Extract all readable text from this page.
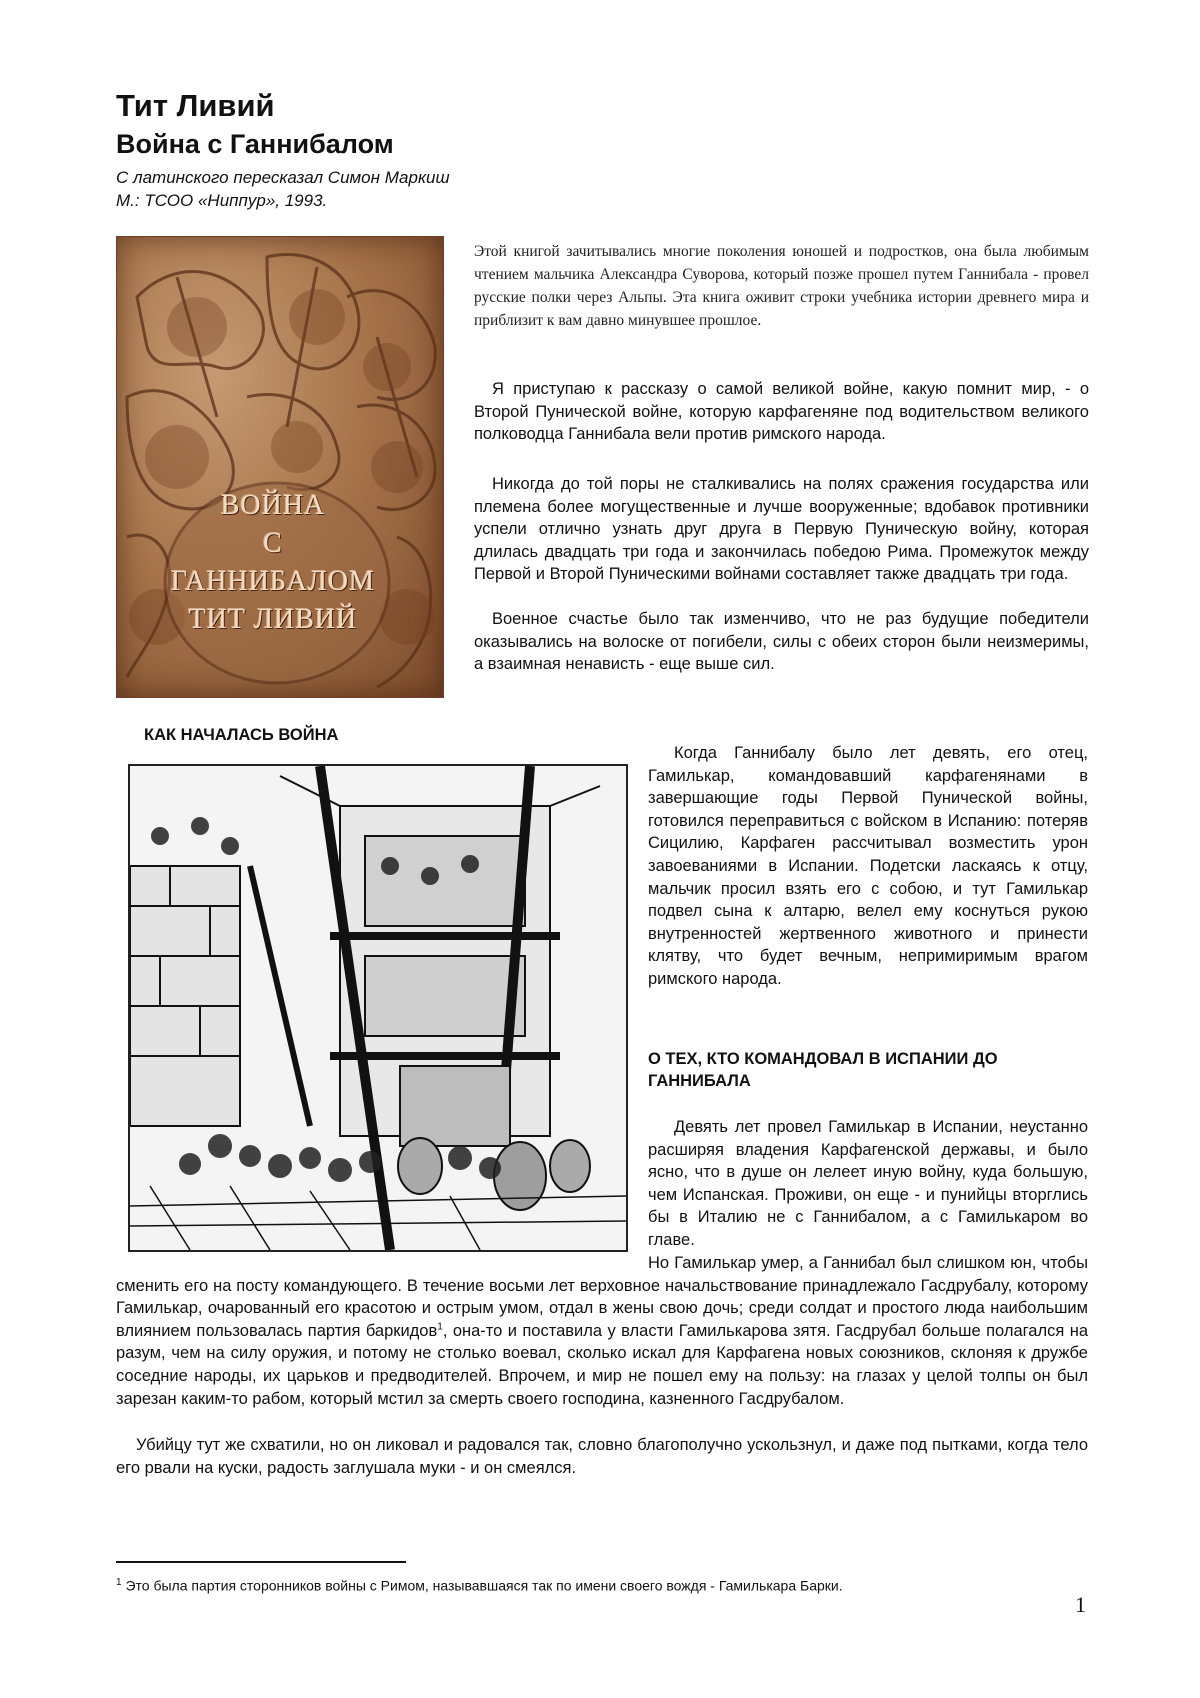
Тит Ливий
Война с Ганнибалом
С латинского пересказал Симон Маркиш
М.: ТСОО «Ниппур», 1993.
ВОЙНА
С
ГАННИБАЛОМ
ТИТ ЛИВИЙ

Этой книгой зачитывались многие поколения юношей и подростков, она была любимым чтением мальчика Александра Суворова, который позже прошел путем Ганнибала - провел русские полки через Альпы. Эта книга оживит строки учебника истории древнего мира и приблизит к вам давно минувшее прошлое.

Я приступаю к рассказу о самой великой войне, какую помнит мир, - о Второй Пунической войне, которую карфагеняне под водительством великого полководца Ганнибала вели против римского народа.

Никогда до той поры не сталкивались на полях сражения государства или племена более могущественные и лучше вооруженные; вдобавок противники успели отлично узнать друг друга в Первую Пуническую войну, которая длилась двадцать три года и закончилась победою Рима. Промежуток между Первой и Второй Пуническими войнами составляет также двадцать три года.

Военное счастье было так изменчиво, что не раз будущие победители оказывались на волоске от погибели, силы с обеих сторон были неизмеримы, а взаимная ненависть - еще выше сил.

КАК НАЧАЛАСЬ ВОЙНА

Когда Ганнибалу было лет девять, его отец, Гамилькар, командовавший карфагенянами в завершающие годы Первой Пунической войны, готовился переправиться с войском в Испанию: потеряв Сицилию, Карфаген рассчитывал возместить урон завоеваниями в Испании. Подетски ласкаясь к отцу, мальчик просил взять его с собою, и тут Гамилькар подвел сына к алтарю, велел ему коснуться рукою внутренностей жертвенного животного и принести клятву, что будет вечным, непримиримым врагом римского народа.

О ТЕХ, КТО КОМАНДОВАЛ В ИСПАНИИ ДО ГАННИБАЛА

Девять лет провел Гамилькар в Испании, неустанно расширяя владения Карфагенской державы, и было ясно, что в душе он лелеет иную войну, куда большую, чем Испанская. Проживи, он еще - и пунийцы вторглись бы в Италию не с Ганнибалом, а с Гамилькаром во главе.

Но Гамилькар умер, а Ганнибал был слишком юн, чтобы сменить его на посту командующего. В течение восьми лет верховное начальствование принадлежало Гасдрубалу, которому Гамилькар, очарованный его красотою и острым умом, отдал в жены свою дочь; среди солдат и простого люда наибольшим влиянием пользовалась партия баркидов$^1$, она-то и поставила у власти Гамилькарова зятя. Гасдрубал больше полагался на разум, чем на силу оружия, и потому не столько воевал, сколько искал для Карфагена новых союзников, склоняя к дружбе соседние народы, их царьков и предводителей. Впрочем, и мир не пошел ему на пользу: на глазах у целой толпы он был зарезан каким-то рабом, который мстил за смерть своего господина, казненного Гасдрубалом.

Убийцу тут же схватили, но он ликовал и радовался так, словно благополучно ускользнул, и даже под пытками, когда тело его рвали на куски, радость заглушала муки - и он смеялся.

$^1$ Это была партия сторонников войны с Римом, называвшаяся так по имени своего вождя - Гамилькара Барки.
1
